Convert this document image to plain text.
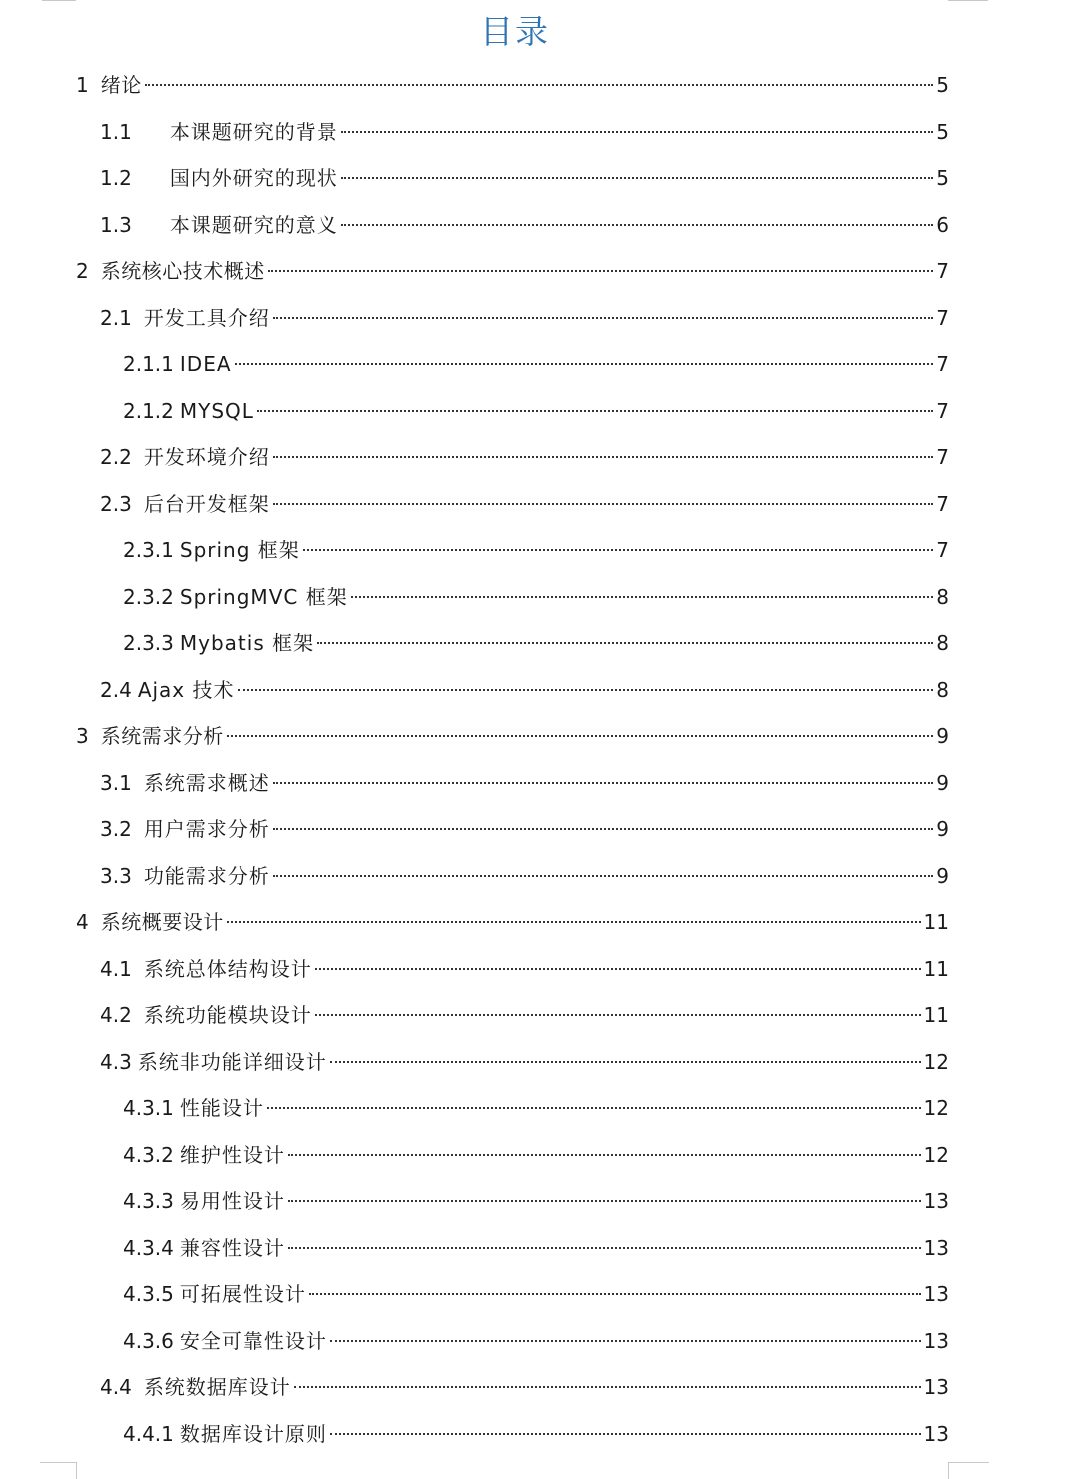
目录
1 绪论	5
1.1 本课题研究的背景	5
1.2 国内外研究的现状	5
1.3 本课题研究的意义	6
2 系统核心技术概述	7
2.1 开发工具介绍	7
2.1.1 IDEA	7
2.1.2 MYSQL	7
2.2 开发环境介绍	7
2.3 后台开发框架	7
2.3.1 Spring 框架	7
2.3.2 SpringMVC 框架	8
2.3.3 Mybatis 框架	8
2.4 Ajax 技术	8
3 系统需求分析	9
3.1 系统需求概述	9
3.2 用户需求分析	9
3.3 功能需求分析	9
4 系统概要设计	11
4.1 系统总体结构设计	11
4.2 系统功能模块设计	11
4.3 系统非功能详细设计	12
4.3.1 性能设计	12
4.3.2 维护性设计	12
4.3.3 易用性设计	13
4.3.4 兼容性设计	13
4.3.5 可拓展性设计	13
4.3.6 安全可靠性设计	13
4.4 系统数据库设计	13
4.4.1 数据库设计原则	13
